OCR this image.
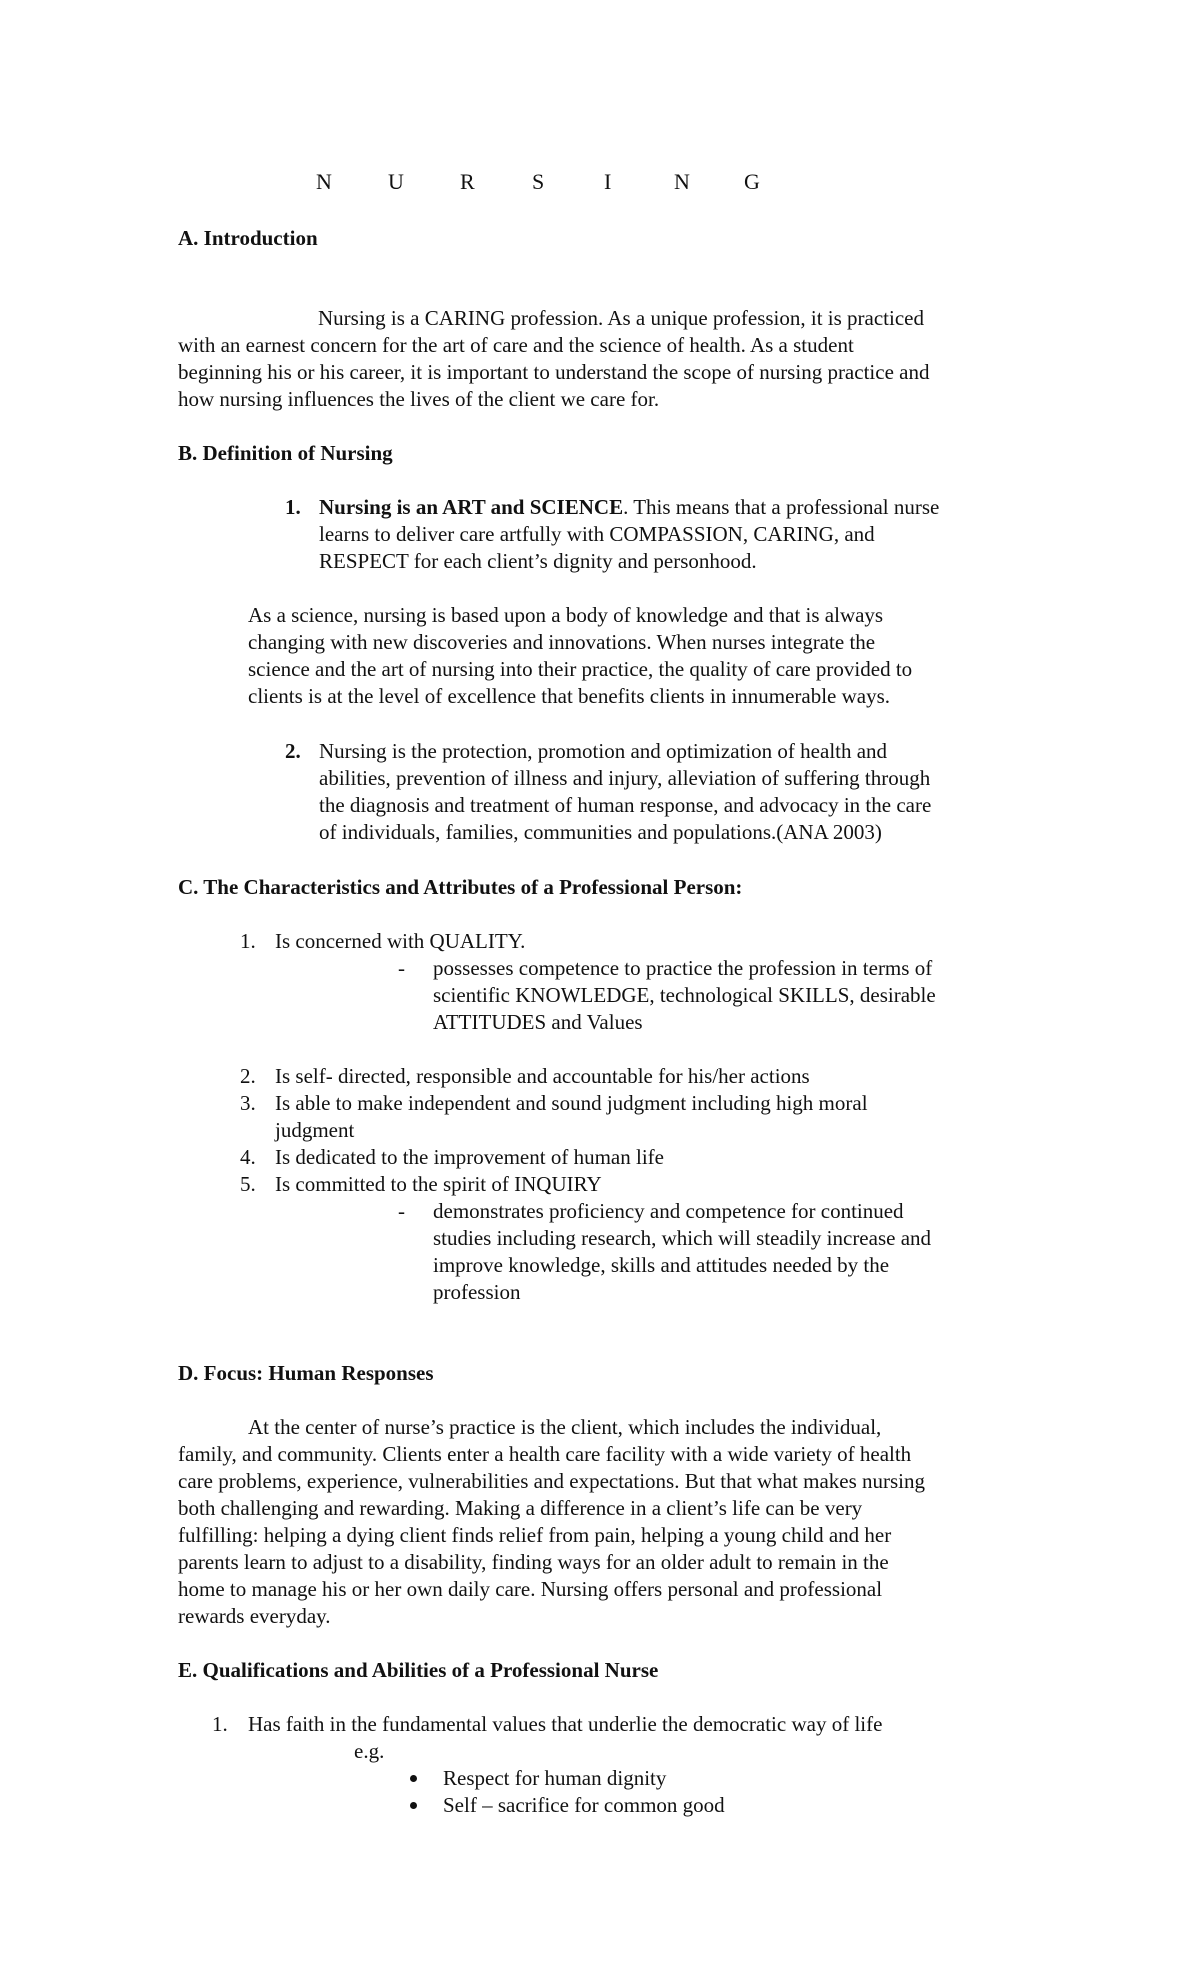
N	U	R	S	I	N G
A. Introduction
Nursing is a CARING profession. As a unique profession, it is practiced
with an earnest concern for the art of care and the science of health. As a student
beginning his or his career, it is important to understand the scope of nursing practice and
how nursing influences the lives of the client we care for.
B. Definition of Nursing
1. Nursing is an ART and SCIENCE. This means that a professional nurse
learns to deliver care artfully with COMPASSION, CARING, and
RESPECT for each client’s dignity and personhood.
As a science, nursing is based upon a body of knowledge and that is always
changing with new discoveries and innovations. When nurses integrate the
science and the art of nursing into their practice, the quality of care provided to
clients is at the level of excellence that benefits clients in innumerable ways.
2. Nursing is the protection, promotion and optimization of health and
abilities, prevention of illness and injury, alleviation of suffering through
the diagnosis and treatment of human response, and advocacy in the care
of individuals, families, communities and populations.(ANA 2003)
C. The Characteristics and Attributes of a Professional Person:
1. Is concerned with QUALITY.
- possesses competence to practice the profession in terms of
scientific KNOWLEDGE, technological SKILLS, desirable
ATTITUDES and Values
2. Is self- directed, responsible and accountable for his/her actions
3. Is able to make independent and sound judgment including high moral
judgment
4. Is dedicated to the improvement of human life
5. Is committed to the spirit of INQUIRY
- demonstrates proficiency and competence for continued
studies including research, which will steadily increase and
improve knowledge, skills and attitudes needed by the
profession
D. Focus: Human Responses
At the center of nurse’s practice is the client, which includes the individual,
family, and community. Clients enter a health care facility with a wide variety of health
care problems, experience, vulnerabilities and expectations. But that what makes nursing
both challenging and rewarding. Making a difference in a client’s life can be very
fulfilling: helping a dying client finds relief from pain, helping a young child and her
parents learn to adjust to a disability, finding ways for an older adult to remain in the
home to manage his or her own daily care. Nursing offers personal and professional
rewards everyday.
E. Qualifications and Abilities of a Professional Nurse
1. Has faith in the fundamental values that underlie the democratic way of life
e.g.
Respect for human dignity
Self – sacrifice for common good
